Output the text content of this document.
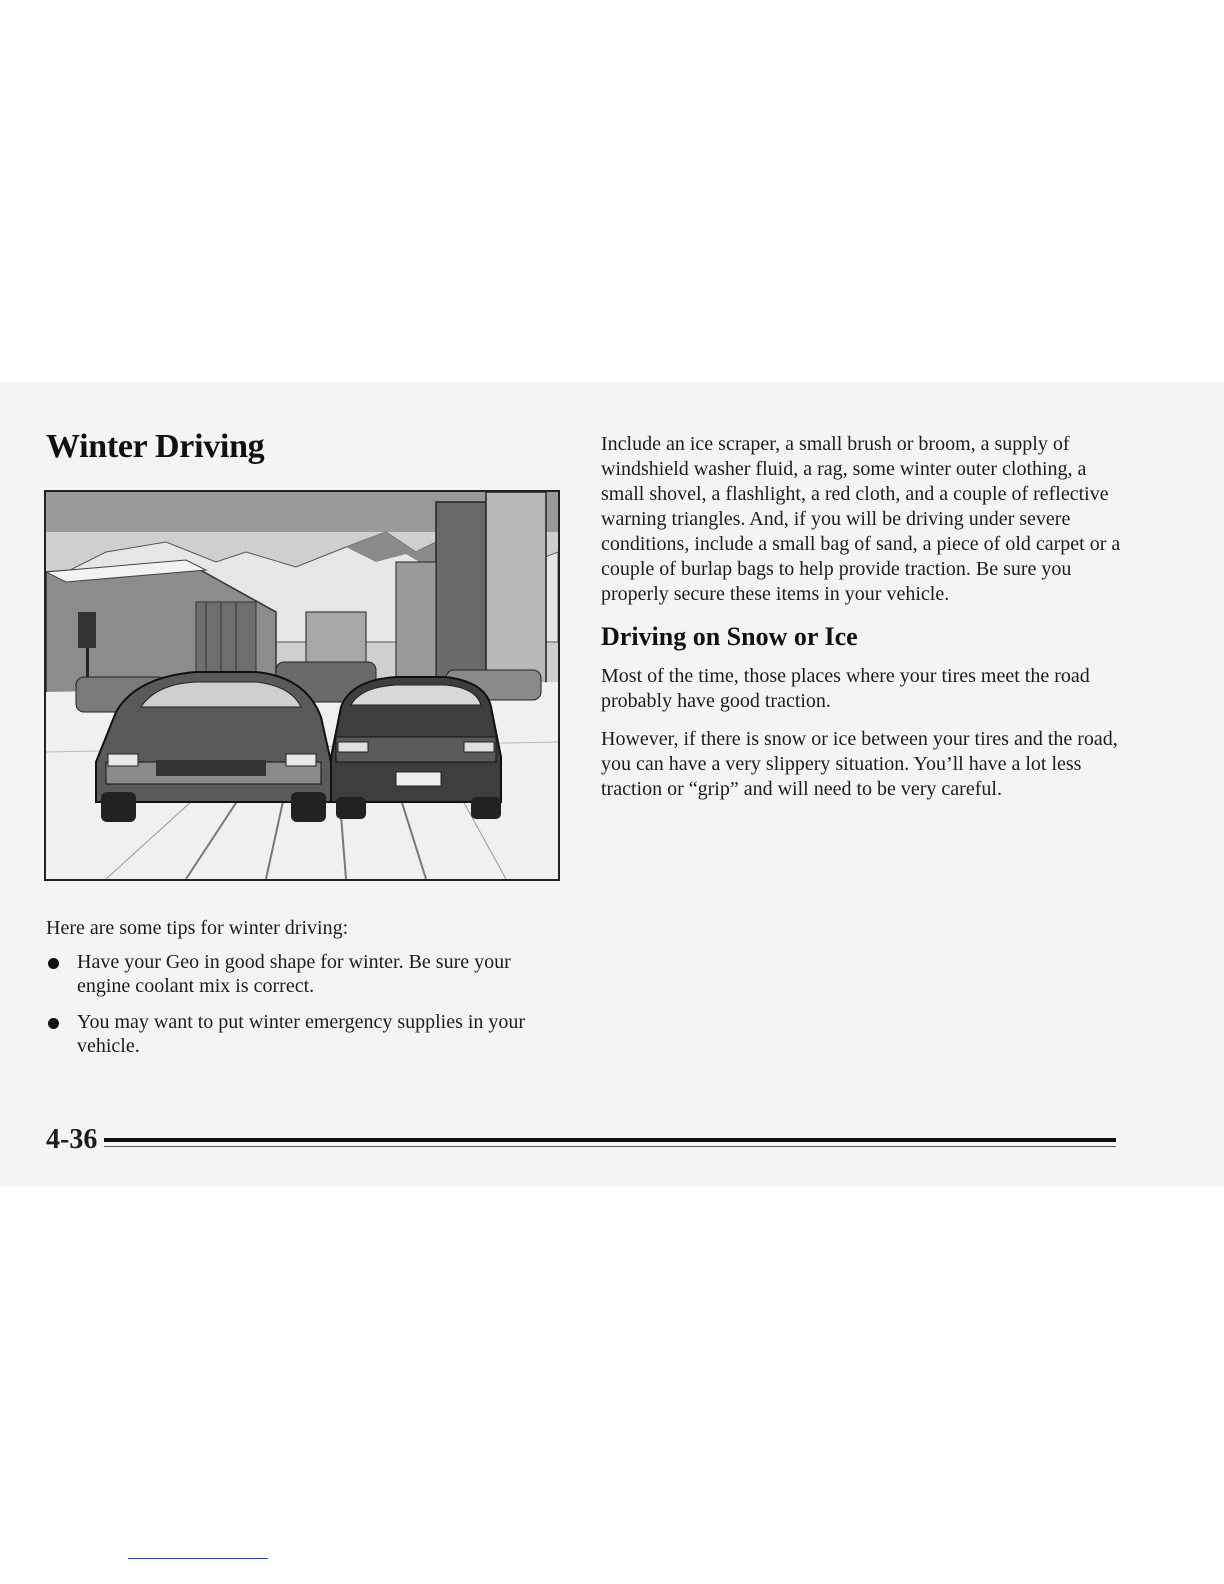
Winter Driving

Here are some tips for winter driving:

Have your Geo in good shape for winter. Be sure your engine coolant mix is correct.
You may want to put winter emergency supplies in your vehicle.

Include an ice scraper, a small brush or broom, a supply of windshield washer fluid, a rag, some winter outer clothing, a small shovel, a flashlight, a red cloth, and a couple of reflective warning triangles. And, if you will be driving under severe conditions, include a small bag of sand, a piece of old carpet or a couple of burlap bags to help provide traction. Be sure you properly secure these items in your vehicle.

Driving on Snow or Ice

Most of the time, those places where your tires meet the road probably have good traction.

However, if there is snow or ice between your tires and the road, you can have a very slippery situation. You’ll have a lot less traction or “grip” and will need to be very careful.

4-36
